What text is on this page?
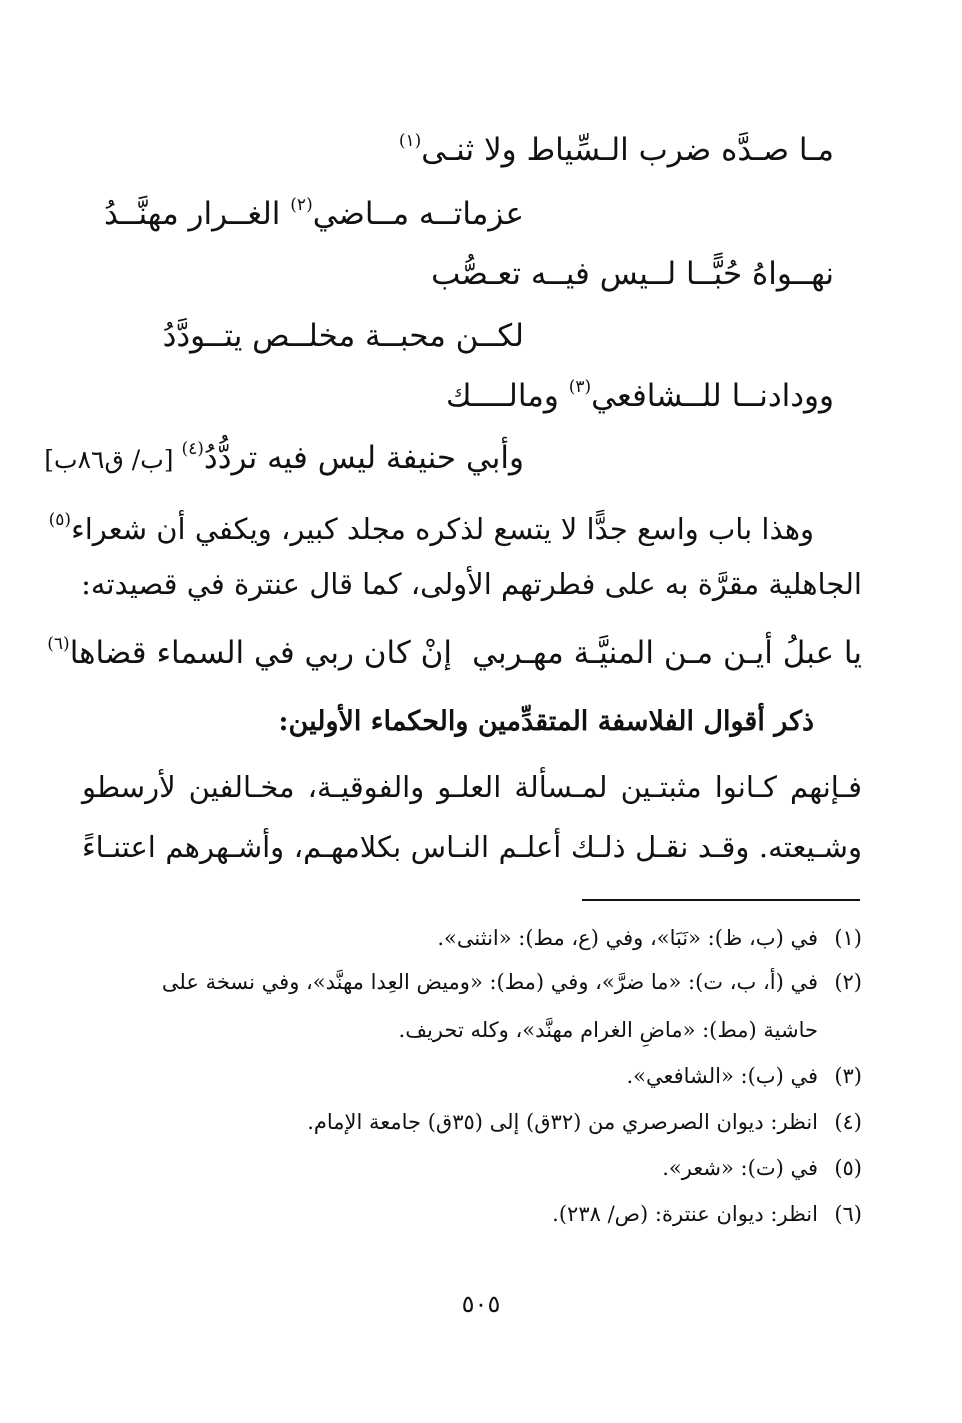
مـا صـدَّه ضرب الـسِّياط ولا ثنـى$^{(١)}$
عزماتــه مــاضي$^{(٢)}$ الغــرار مهنَّــدُ
نهــواهُ حُبًّــا لــيس فيــه تعـصُّب
لكــن محبــة مخلــص يتــودَّدُ
وودادنــا للــشافعي$^{(٣)}$ ومالــــك
وأبي حنيفة ليس فيه تردُّدُ$^{(٤)}$ [ب/ ق٨٦ب]
وهذا باب واسع جدًّا لا يتسع لذكره مجلد كبير، ويكفي أن شعراء$^{(٥)}$
الجاهلية مقرَّة به على فطرتهم الأولى، كما قال عنترة في قصيدته:
يا عبلُ أيـن مـن المنيَّـة مهـربي
إنْ كان ربي في السماء قضاها$^{(٦)}$
ذكر أقوال الفلاسفة المتقدِّمين والحكماء الأولين:
فـإنهم كـانوا مثبتـين لمـسألة العلـو والفوقيـة، مخـالفين لأرسطو
وشـيعته. وقـد نقـل ذلـك أعلـم النـاس بكلامهـم، وأشـهرهم اعتنـاءً
(١)في (ب، ظ): «نَبَا»، وفي (ع، مط): «انثنى».
(٢)في (أ، ب، ت): «ما ضرَّ»، وفي (مط): «وميض العِدا مهنَّد»، وفي نسخة على
حاشية (مط): «ماضِ الغرام مهنَّد»، وكله تحريف.
(٣)في (ب): «الشافعي».
(٤)انظر: ديوان الصرصري من (٣٢ق) إلى (٣٥ق) جامعة الإمام.
(٥)في (ت): «شعر».
(٦)انظر: ديوان عنترة: (ص/ ٢٣٨).
٥٠٥
